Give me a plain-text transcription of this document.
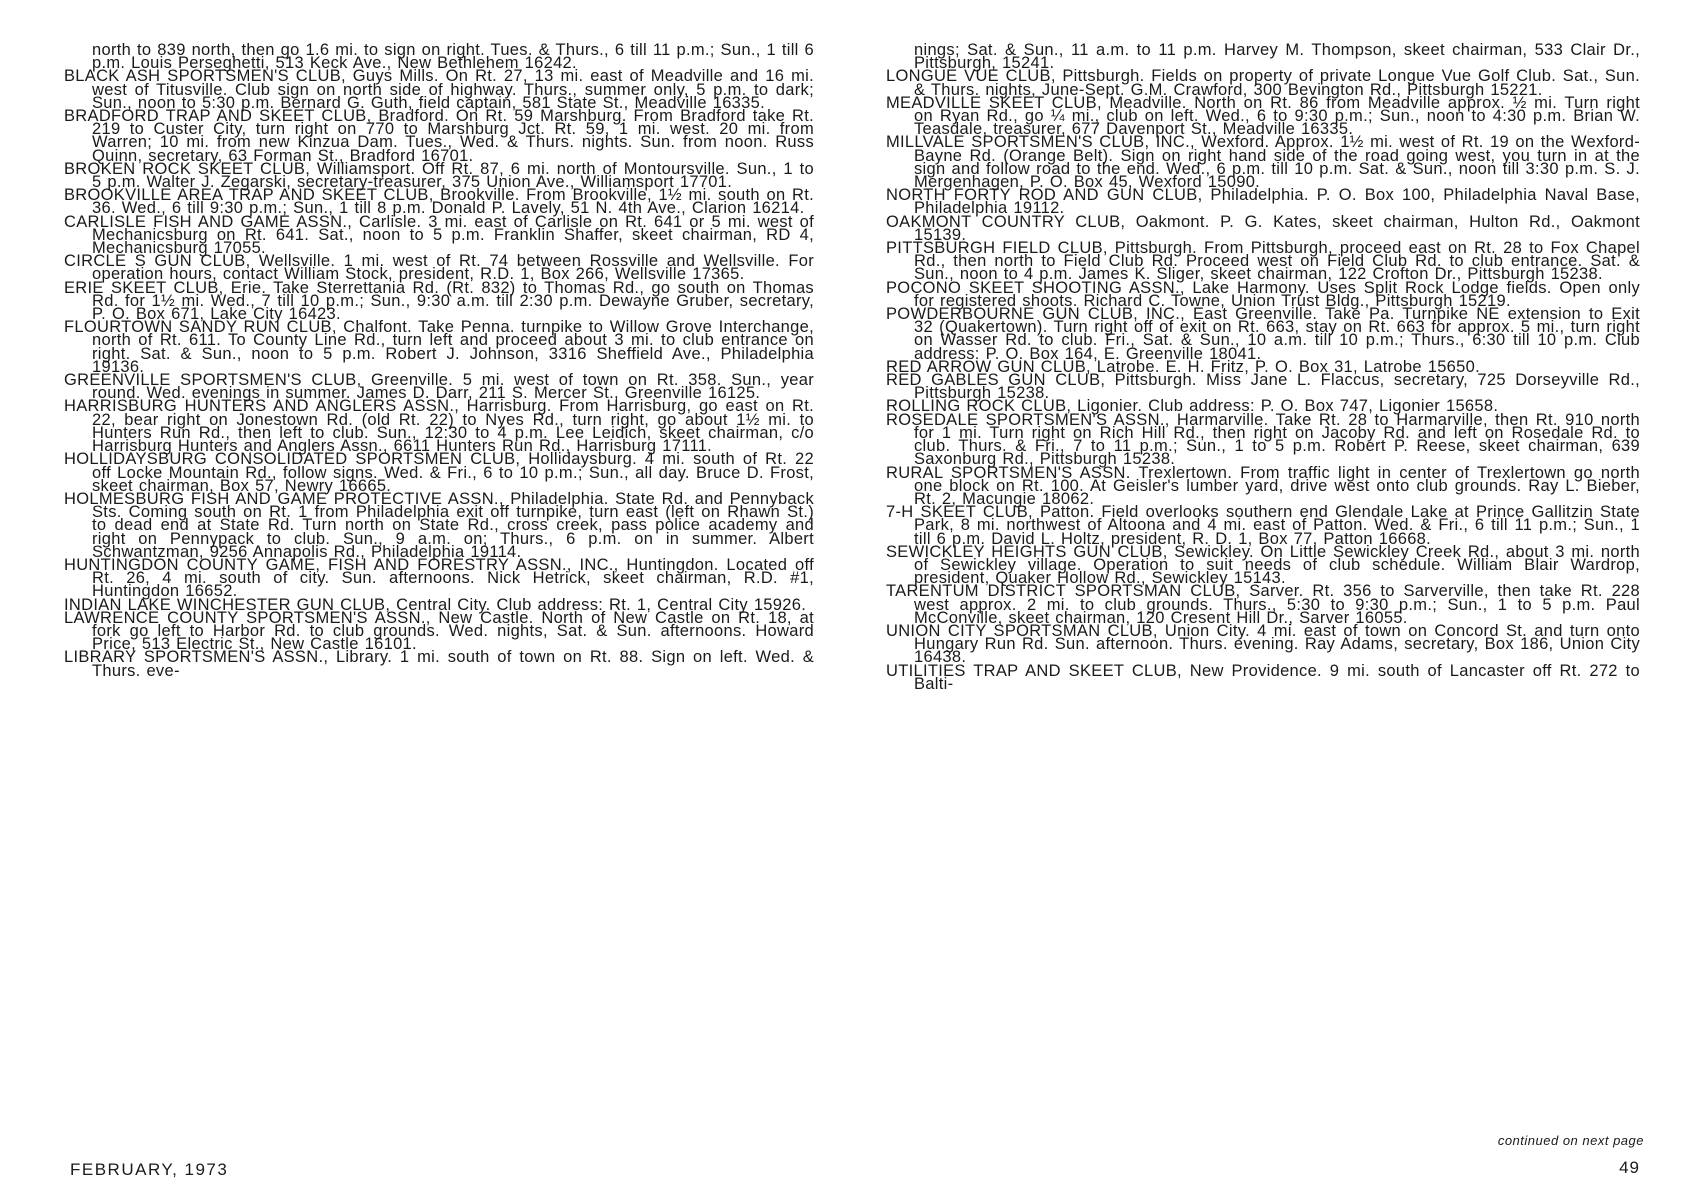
north to 839 north, then go 1.6 mi. to sign on right. Tues. & Thurs., 6 till 11 p.m.; Sun., 1 till 6 p.m. Louis Perseghetti, 513 Keck Ave., New Bethlehem 16242.

BLACK ASH SPORTSMEN'S CLUB, Guys Mills. On Rt. 27, 13 mi. east of Meadville and 16 mi. west of Titusville. Club sign on north side of highway. Thurs., summer only, 5 p.m. to dark; Sun., noon to 5:30 p.m. Bernard G. Guth, field captain, 581 State St., Meadville 16335.

BRADFORD TRAP AND SKEET CLUB, Bradford. On Rt. 59 Marshburg. From Bradford take Rt. 219 to Custer City, turn right on 770 to Marshburg Jct. Rt. 59, 1 mi. west. 20 mi. from Warren; 10 mi. from new Kinzua Dam. Tues., Wed. & Thurs. nights. Sun. from noon. Russ Quinn, secretary, 63 Forman St., Bradford 16701.

BROKEN ROCK SKEET CLUB, Williamsport. Off Rt. 87, 6 mi. north of Montoursville. Sun., 1 to 5 p.m. Walter J. Zegarski, secretary-treasurer, 375 Union Ave., Williamsport 17701.

BROOKVILLE AREA TRAP AND SKEET CLUB, Brookville. From Brookville, 1½ mi. south on Rt. 36. Wed., 6 till 9:30 p.m.; Sun., 1 till 8 p.m. Donald P. Lavely, 51 N. 4th Ave., Clarion 16214.

CARLISLE FISH AND GAME ASSN., Carlisle. 3 mi. east of Carlisle on Rt. 641 or 5 mi. west of Mechanicsburg on Rt. 641. Sat., noon to 5 p.m. Franklin Shaffer, skeet chairman, RD 4, Mechanicsburg 17055.

CIRCLE S GUN CLUB, Wellsville. 1 mi. west of Rt. 74 between Rossville and Wellsville. For operation hours, contact William Stock, president, R.D. 1, Box 266, Wellsville 17365.

ERIE SKEET CLUB, Erie. Take Sterrettania Rd. (Rt. 832) to Thomas Rd., go south on Thomas Rd. for 1½ mi. Wed., 7 till 10 p.m.; Sun., 9:30 a.m. till 2:30 p.m. Dewayne Gruber, secretary, P. O. Box 671, Lake City 16423.

FLOURTOWN SANDY RUN CLUB, Chalfont. Take Penna. turnpike to Willow Grove Interchange, north of Rt. 611. To County Line Rd., turn left and proceed about 3 mi. to club entrance on right. Sat. & Sun., noon to 5 p.m. Robert J. Johnson, 3316 Sheffield Ave., Philadelphia 19136.

GREENVILLE SPORTSMEN'S CLUB, Greenville. 5 mi. west of town on Rt. 358. Sun., year round. Wed. evenings in summer. James D. Darr, 211 S. Mercer St., Greenville 16125.

HARRISBURG HUNTERS AND ANGLERS ASSN., Harrisburg. From Harrisburg, go east on Rt. 22, bear right on Jonestown Rd. (old Rt. 22) to Nyes Rd., turn right, go about 1½ mi. to Hunters Run Rd., then left to club. Sun., 12:30 to 4 p.m. Lee Leidich, skeet chairman, c/o Harrisburg Hunters and Anglers Assn., 6611 Hunters Run Rd., Harrisburg 17111.

HOLLIDAYSBURG CONSOLIDATED SPORTSMEN CLUB, Hollidaysburg. 4 mi. south of Rt. 22 off Locke Mountain Rd., follow signs. Wed. & Fri., 6 to 10 p.m.; Sun., all day. Bruce D. Frost, skeet chairman, Box 57, Newry 16665.

HOLMESBURG FISH AND GAME PROTECTIVE ASSN., Philadelphia. State Rd. and Pennyback Sts. Coming south on Rt. 1 from Philadelphia exit off turnpike, turn east (left on Rhawn St.) to dead end at State Rd. Turn north on State Rd., cross creek, pass police academy and right on Pennypack to club. Sun., 9 a.m. on; Thurs., 6 p.m. on in summer. Albert Schwantzman, 9256 Annapolis Rd., Philadelphia 19114.

HUNTINGDON COUNTY GAME, FISH AND FORESTRY ASSN., INC., Huntingdon. Located off Rt. 26, 4 mi. south of city. Sun. afternoons. Nick Hetrick, skeet chairman, R.D. #1, Huntingdon 16652.

INDIAN LAKE WINCHESTER GUN CLUB, Central City. Club address: Rt. 1, Central City 15926.

LAWRENCE COUNTY SPORTSMEN'S ASSN., New Castle. North of New Castle on Rt. 18, at fork go left to Harbor Rd. to club grounds. Wed. nights, Sat. & Sun. afternoons. Howard Price, 513 Electric St., New Castle 16101.

LIBRARY SPORTSMEN'S ASSN., Library. 1 mi. south of town on Rt. 88. Sign on left. Wed. & Thurs. eve-

nings; Sat. & Sun., 11 a.m. to 11 p.m. Harvey M. Thompson, skeet chairman, 533 Clair Dr., Pittsburgh, 15241.

LONGUE VUE CLUB, Pittsburgh. Fields on property of private Longue Vue Golf Club. Sat., Sun. & Thurs. nights, June-Sept. G.M. Crawford, 300 Bevington Rd., Pittsburgh 15221.

MEADVILLE SKEET CLUB, Meadville. North on Rt. 86 from Meadville approx. ½ mi. Turn right on Ryan Rd., go ¼ mi., club on left. Wed., 6 to 9:30 p.m.; Sun., noon to 4:30 p.m. Brian W. Teasdale, treasurer, 677 Davenport St., Meadville 16335.

MILLVALE SPORTSMEN'S CLUB, INC., Wexford. Approx. 1½ mi. west of Rt. 19 on the Wexford-Bayne Rd. (Orange Belt). Sign on right hand side of the road going west, you turn in at the sign and follow road to the end. Wed., 6 p.m. till 10 p.m. Sat. & Sun., noon till 3:30 p.m. S. J. Mergenhagen, P. O. Box 45, Wexford 15090.

NORTH FORTY ROD AND GUN CLUB, Philadelphia. P. O. Box 100, Philadelphia Naval Base, Philadelphia 19112.

OAKMONT COUNTRY CLUB, Oakmont. P. G. Kates, skeet chairman, Hulton Rd., Oakmont 15139.

PITTSBURGH FIELD CLUB, Pittsburgh. From Pittsburgh, proceed east on Rt. 28 to Fox Chapel Rd., then north to Field Club Rd. Proceed west on Field Club Rd. to club entrance. Sat. & Sun., noon to 4 p.m. James K. Sliger, skeet chairman, 122 Crofton Dr., Pittsburgh 15238.

POCONO SKEET SHOOTING ASSN., Lake Harmony. Uses Split Rock Lodge fields. Open only for registered shoots. Richard C. Towne, Union Trust Bldg., Pittsburgh 15219.

POWDERBOURNE GUN CLUB, INC., East Greenville. Take Pa. Turnpike NE extension to Exit 32 (Quakertown). Turn right off of exit on Rt. 663, stay on Rt. 663 for approx. 5 mi., turn right on Wasser Rd. to club. Fri., Sat. & Sun., 10 a.m. till 10 p.m.; Thurs., 6:30 till 10 p.m. Club address: P. O. Box 164, E. Greenville 18041.

RED ARROW GUN CLUB, Latrobe. E. H. Fritz, P. O. Box 31, Latrobe 15650.

RED GABLES GUN CLUB, Pittsburgh. Miss Jane L. Flaccus, secretary, 725 Dorseyville Rd., Pittsburgh 15238.

ROLLING ROCK CLUB, Ligonier. Club address: P. O. Box 747, Ligonier 15658.

ROSEDALE SPORTSMEN'S ASSN., Harmarville. Take Rt. 28 to Harmarville, then Rt. 910 north for 1 mi. Turn right on Rich Hill Rd., then right on Jacoby Rd. and left on Rosedale Rd. to club. Thurs. & Fri., 7 to 11 p.m.; Sun., 1 to 5 p.m. Robert P. Reese, skeet chairman, 639 Saxonburg Rd., Pittsburgh 15238.

RURAL SPORTSMEN'S ASSN. Trexlertown. From traffic light in center of Trexlertown go north one block on Rt. 100. At Geisler's lumber yard, drive west onto club grounds. Ray L. Bieber, Rt. 2, Macungie 18062.

7-H SKEET CLUB, Patton. Field overlooks southern end Glendale Lake at Prince Gallitzin State Park, 8 mi. northwest of Altoona and 4 mi. east of Patton. Wed. & Fri., 6 till 11 p.m.; Sun., 1 till 6 p.m. David L. Holtz, president, R. D. 1, Box 77, Patton 16668.

SEWICKLEY HEIGHTS GUN CLUB, Sewickley. On Little Sewickley Creek Rd., about 3 mi. north of Sewickley village. Operation to suit needs of club schedule. William Blair Wardrop, president, Quaker Hollow Rd., Sewickley 15143.

TARENTUM DISTRICT SPORTSMAN CLUB, Sarver. Rt. 356 to Sarverville, then take Rt. 228 west approx. 2 mi. to club grounds. Thurs., 5:30 to 9:30 p.m.; Sun., 1 to 5 p.m. Paul McConville, skeet chairman, 120 Cresent Hill Dr., Sarver 16055.

UNION CITY SPORTSMAN CLUB, Union City. 4 mi. east of town on Concord St. and turn onto Hungary Run Rd. Sun. afternoon. Thurs. evening. Ray Adams, secretary, Box 186, Union City 16438.

UTILITIES TRAP AND SKEET CLUB, New Providence. 9 mi. south of Lancaster off Rt. 272 to Balti-

continued on next page
FEBRUARY, 1973	49
